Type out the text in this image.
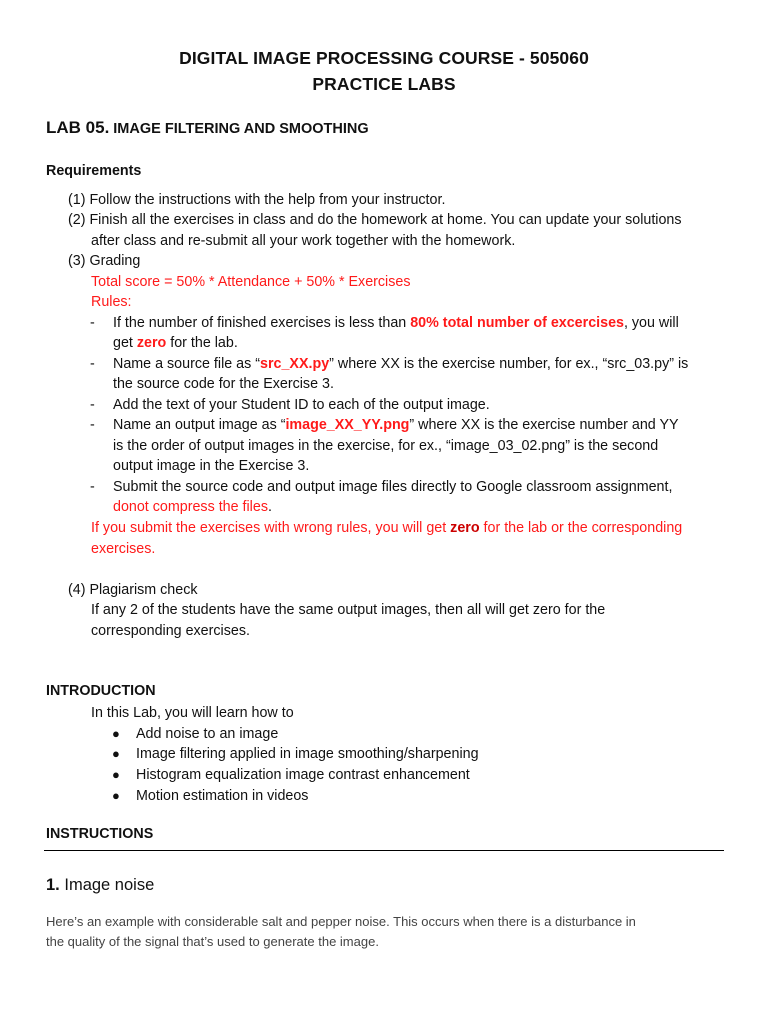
DIGITAL IMAGE PROCESSING COURSE - 505060
PRACTICE LABS
LAB 05. IMAGE FILTERING AND SMOOTHING
Requirements
(1) Follow the instructions with the help from your instructor.
(2) Finish all the exercises in class and do the homework at home. You can update your solutions
after class and re-submit all your work together with the homework.
(3) Grading
Total score = 50% * Attendance + 50% * Exercises
Rules:
- If the number of finished exercises is less than 80% total number of excercises, you will
get zero for the lab.
- Name a source file as “src_XX.py” where XX is the exercise number, for ex., “src_03.py” is
the source code for the Exercise 3.
- Add the text of your Student ID to each of the output image.
- Name an output image as “image_XX_YY.png” where XX is the exercise number and YY
is the order of output images in the exercise, for ex., “image_03_02.png” is the second
output image in the Exercise 3.
- Submit the source code and output image files directly to Google classroom assignment,
donot compress the files.
If you submit the exercises with wrong rules, you will get zero for the lab or the corresponding
exercises.
(4) Plagiarism check
If any 2 of the students have the same output images, then all will get zero for the
corresponding exercises.
INTRODUCTION
In this Lab, you will learn how to
● Add noise to an image
● Image filtering applied in image smoothing/sharpening
● Histogram equalization image contrast enhancement
● Motion estimation in videos
INSTRUCTIONS
1. Image noise
Here’s an example with considerable salt and pepper noise. This occurs when there is a disturbance in
the quality of the signal that’s used to generate the image.
